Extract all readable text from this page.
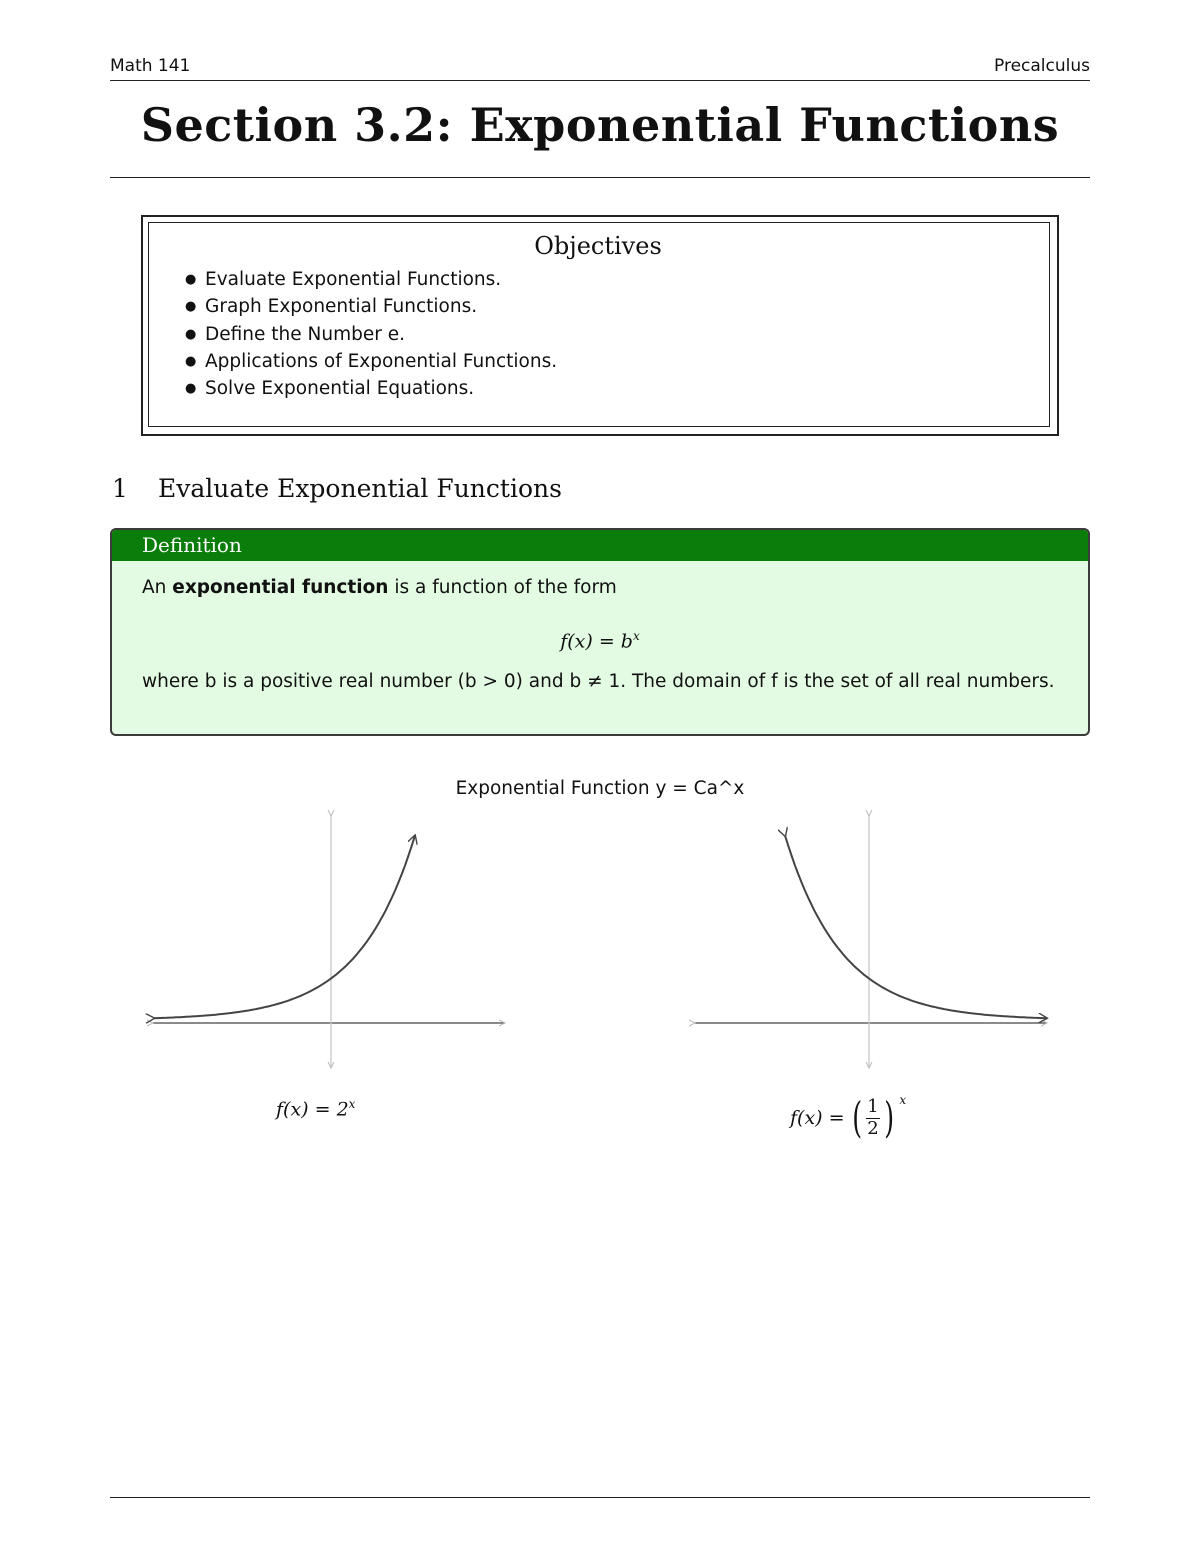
Math 141	Precalculus
Section 3.2: Exponential Functions
Objectives
● Evaluate Exponential Functions.
● Graph Exponential Functions.
● Define the Number e.
● Applications of Exponential Functions.
● Solve Exponential Equations.
1 Evaluate Exponential Functions
Definition
An exponential function is a function of the form
$f(x) = b^x$
where b is a positive real number (b > 0) and b ≠ 1. The domain of f is the set of all real numbers.
Exponential Function y = Ca^x
$f(x) = 2^x$
f(x) = ( 1
2 ) $^x$
